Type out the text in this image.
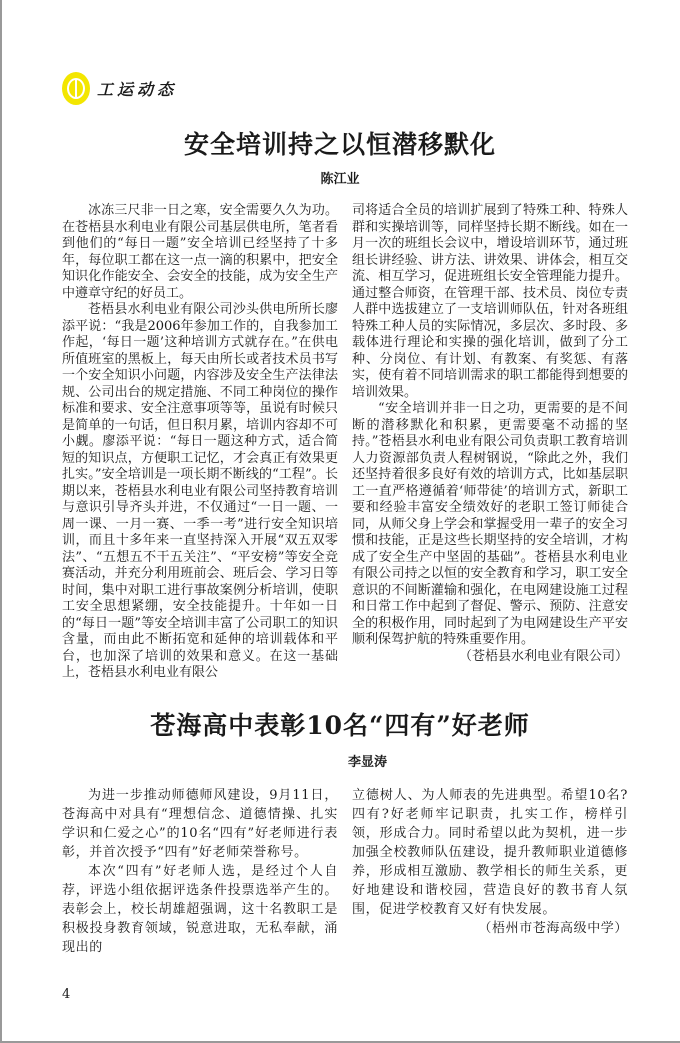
工运动态
安全培训持之以恒潜移默化
陈江业

冰冻三尺非一日之寒，安全需要久久为功。在苍梧县水利电业有限公司基层供电所，笔者看到他们的“每日一题”安全培训已经坚持了十多年，每位职工都在这一点一滴的积累中，把安全知识化作能安全、会安全的技能，成为安全生产中遵章守纪的好员工。

苍梧县水利电业有限公司沙头供电所所长廖添平说：“我是2006年参加工作的，自我参加工作起，‘每日一题’这种培训方式就存在。”在供电所值班室的黑板上，每天由所长或者技术员书写一个安全知识小问题，内容涉及安全生产法律法规、公司出台的规定措施、不同工种岗位的操作标准和要求、安全注意事项等等，虽说有时候只是简单的一句话，但日积月累，培训内容却不可小觑。廖添平说：“每日一题这种方式，适合简短的知识点，方便职工记忆，才会真正有效果更扎实。”安全培训是一项长期不断线的“工程”。长期以来，苍梧县水利电业有限公司坚持教育培训与意识引导齐头并进，不仅通过“一日一题、一周一课、一月一赛、一季一考”进行安全知识培训，而且十多年来一直坚持深入开展“双五双零法”、“五想五不干五关注”、“平安榜”等安全竞赛活动，并充分利用班前会、班后会、学习日等时间，集中对职工进行事故案例分析培训，使职工安全思想紧绷，安全技能提升。十年如一日的“每日一题”等安全培训丰富了公司职工的知识含量，而由此不断拓宽和延伸的培训载体和平台，也加深了培训的效果和意义。在这一基础上，苍梧县水利电业有限公

司将适合全员的培训扩展到了特殊工种、特殊人群和实操培训等，同样坚持长期不断线。如在一月一次的班组长会议中，增设培训环节，通过班组长讲经验、讲方法、讲效果、讲体会，相互交流、相互学习，促进班组长安全管理能力提升。通过整合师资，在管理干部、技术员、岗位专责人群中选拔建立了一支培训师队伍，针对各班组特殊工种人员的实际情况，多层次、多时段、多载体进行理论和实操的强化培训，做到了分工种、分岗位、有计划、有教案、有奖惩、有落实，使有着不同培训需求的职工都能得到想要的培训效果。

“安全培训并非一日之功，更需要的是不间断的潜移默化和积累，更需要毫不动摇的坚持。”苍梧县水利电业有限公司负责职工教育培训人力资源部负责人程树钢说，“除此之外，我们还坚持着很多良好有效的培训方式，比如基层职工一直严格遵循着‘师带徒’的培训方式，新职工要和经验丰富安全绩效好的老职工签订师徒合同，从师父身上学会和掌握受用一辈子的安全习惯和技能，正是这些长期坚持的安全培训，才构成了安全生产中坚固的基础”。苍梧县水利电业有限公司持之以恒的安全教育和学习，职工安全意识的不间断灌输和强化，在电网建设施工过程和日常工作中起到了督促、警示、预防、注意安全的积极作用，同时起到了为电网建设生产平安顺利保驾护航的特殊重要作用。

（苍梧县水利电业有限公司）

苍海高中表彰10名“四有”好老师
李显涛

为进一步推动师德师风建设，9月11日，苍海高中对具有“理想信念、道德情操、扎实学识和仁爱之心”的10名“四有”好老师进行表彰，并首次授予“四有”好老师荣誉称号。

本次“四有”好老师人选，是经过个人自荐，评选小组依据评选条件投票选举产生的。表彰会上，校长胡雄超强调，这十名教职工是积极投身教育领域，锐意进取，无私奉献，涌现出的

立德树人、为人师表的先进典型。希望10名?四有?好老师牢记职责，扎实工作，榜样引领，形成合力。同时希望以此为契机，进一步加强全校教师队伍建设，提升教师职业道德修养，形成相互激励、教学相长的师生关系，更好地建设和谐校园，营造良好的教书育人氛围，促进学校教育又好有快发展。

（梧州市苍海高级中学）

4
